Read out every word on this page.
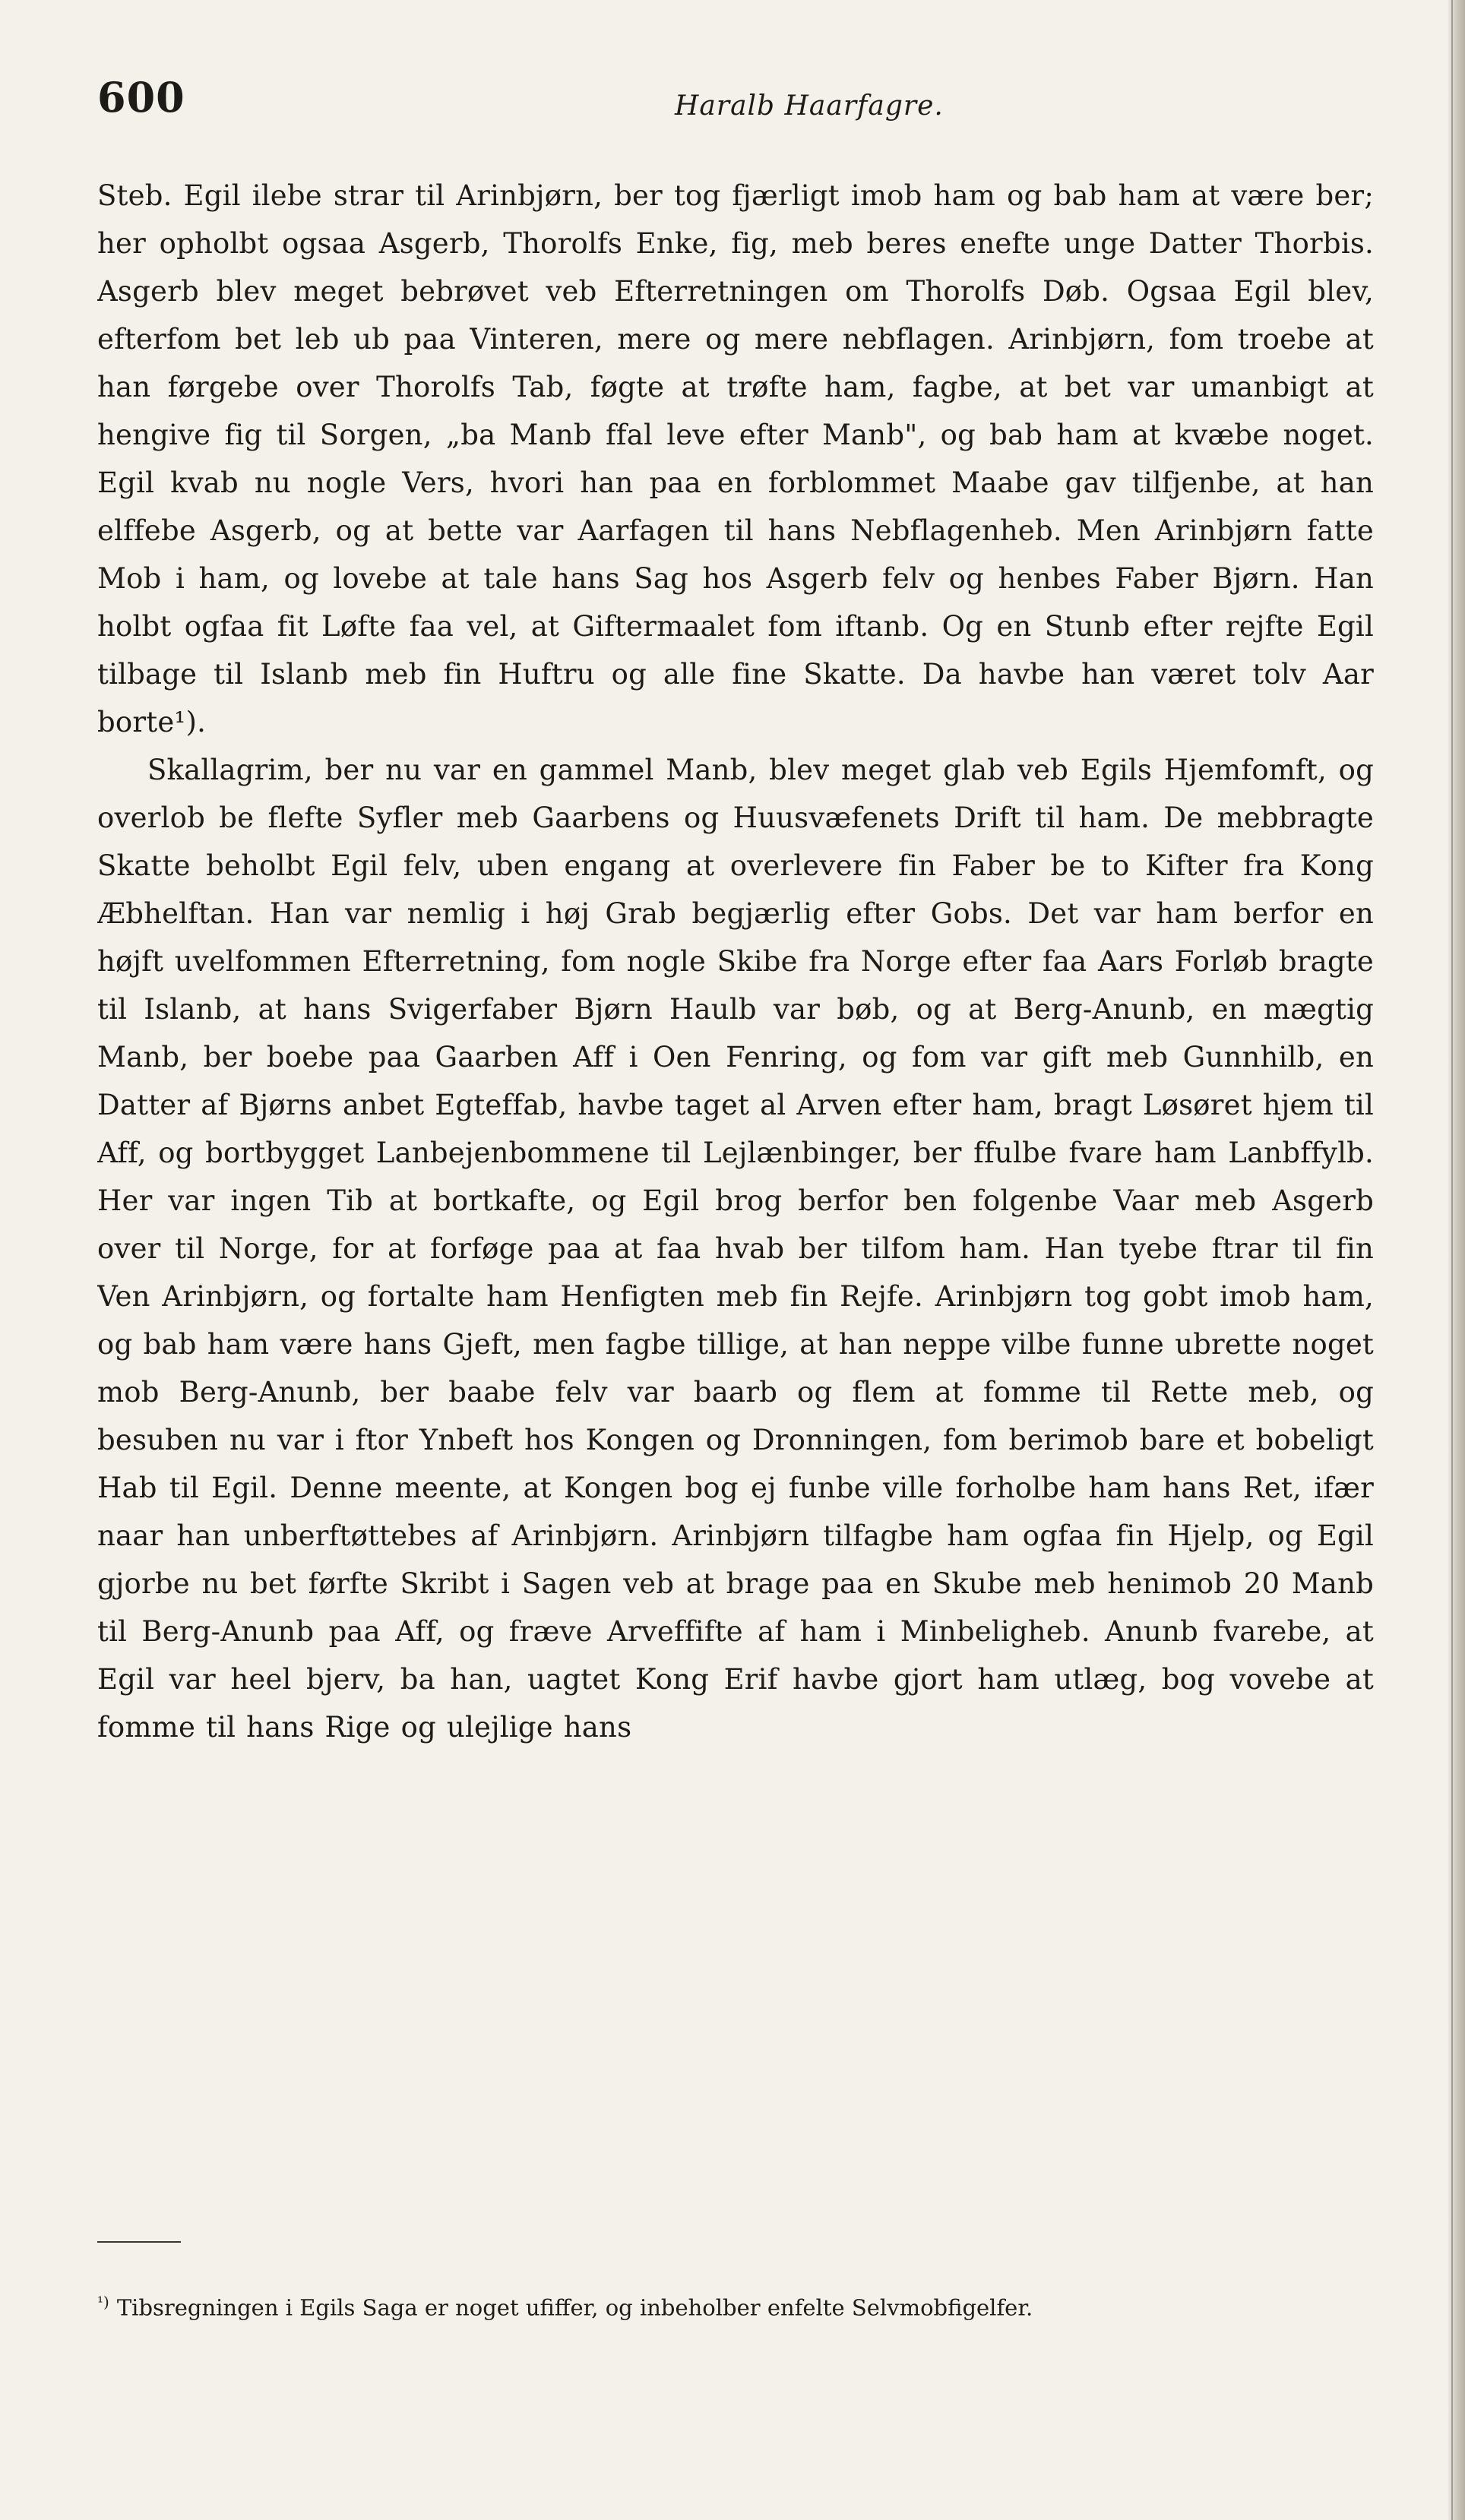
600	Haralb Haarfagre.

Steb. Egil ilebe strar til Arinbjørn, ber tog fjærligt imob ham og bab ham at være ber; her opholbt ogsaa Asgerb, Thorolfs Enke, fig, meb beres enefte unge Datter Thorbis. Asgerb blev meget bebrøvet veb Efterretningen om Thorolfs Døb. Ogsaa Egil blev, efterfom bet leb ub paa Vinteren, mere og mere nebflagen. Arinbjørn, fom troebe at han førgebe over Thorolfs Tab, føgte at trøfte ham, fagbe, at bet var umanbigt at hengive fig til Sorgen, „ba Manb ffal leve efter Manb", og bab ham at kvæbe noget. Egil kvab nu nogle Vers, hvori han paa en forblommet Maabe gav tilfjenbe, at han elffebe Asgerb, og at bette var Aarfagen til hans Nebflagenheb. Men Arinbjørn fatte Mob i ham, og lovebe at tale hans Sag hos Asgerb felv og henbes Faber Bjørn. Han holbt ogfaa fit Løfte faa vel, at Giftermaalet fom iftanb. Og en Stunb efter rejfte Egil tilbage til Islanb meb fin Huftru og alle fine Skatte. Da havbe han været tolv Aar borte¹).

Skallagrim, ber nu var en gammel Manb, blev meget glab veb Egils Hjemfomft, og overlob be flefte Syfler meb Gaarbens og Huusvæfenets Drift til ham. De mebbragte Skatte beholbt Egil felv, uben engang at overlevere fin Faber be to Kifter fra Kong Æbhelftan. Han var nemlig i høj Grab begjærlig efter Gobs. Det var ham berfor en højft uvelfommen Efterretning, fom nogle Skibe fra Norge efter faa Aars Forløb bragte til Islanb, at hans Svigerfaber Bjørn Haulb var bøb, og at Berg-Anunb, en mægtig Manb, ber boebe paa Gaarben Aff i Oen Fenring, og fom var gift meb Gunnhilb, en Datter af Bjørns anbet Egteffab, havbe taget al Arven efter ham, bragt Løsøret hjem til Aff, og bortbygget Lanbejenbommene til Lejlænbinger, ber ffulbe fvare ham Lanbffylb. Her var ingen Tib at bortkafte, og Egil brog berfor ben folgenbe Vaar meb Asgerb over til Norge, for at forføge paa at faa hvab ber tilfom ham. Han tyebe ftrar til fin Ven Arinbjørn, og fortalte ham Henfigten meb fin Rejfe. Arinbjørn tog gobt imob ham, og bab ham være hans Gjeft, men fagbe tillige, at han neppe vilbe funne ubrette noget mob Berg-Anunb, ber baabe felv var baarb og flem at fomme til Rette meb, og besuben nu var i ftor Ynbeft hos Kongen og Dronningen, fom berimob bare et bobeligt Hab til Egil. Denne meente, at Kongen bog ej funbe ville forholbe ham hans Ret, ifær naar han unberftøttebes af Arinbjørn. Arinbjørn tilfagbe ham ogfaa fin Hjelp, og Egil gjorbe nu bet førfte Skribt i Sagen veb at brage paa en Skube meb henimob 20 Manb til Berg-Anunb paa Aff, og fræve Arveffifte af ham i Minbeligheb. Anunb fvarebe, at Egil var heel bjerv, ba han, uagtet Kong Erif havbe gjort ham utlæg, bog vovebe at fomme til hans Rige og ulejlige hans

$^{^1)}$ Tibsregningen i Egils Saga er noget ufiffer, og inbeholber enfelte Selvmobfigelfer.
